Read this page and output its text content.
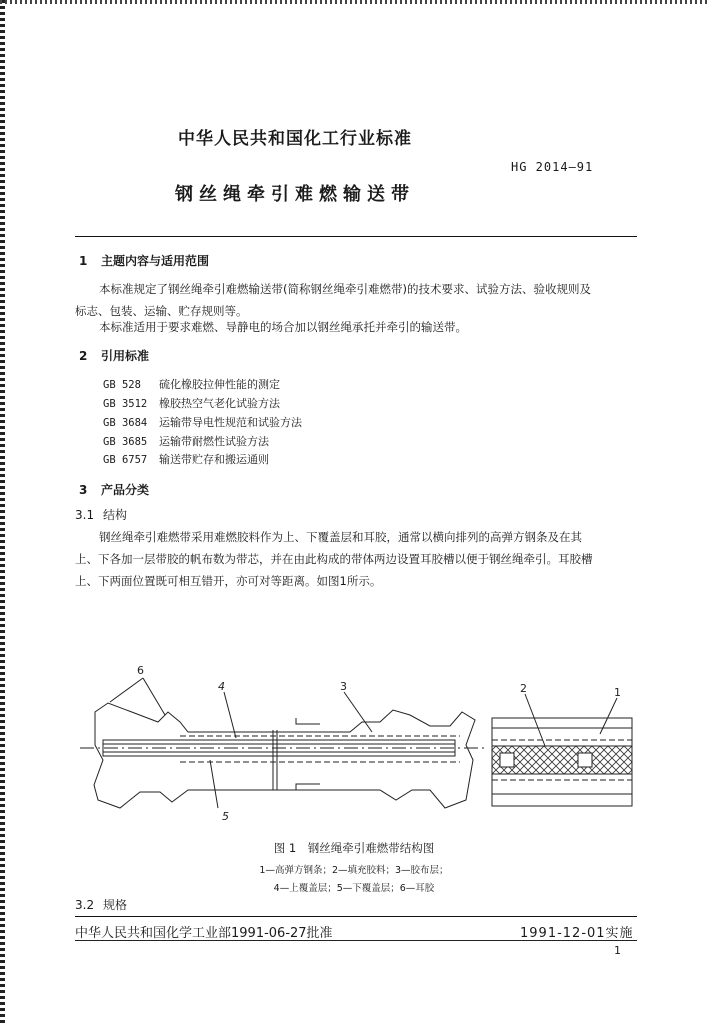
中华人民共和国化工行业标准
HG 2014—91
钢丝绳牵引难燃输送带
1 主题内容与适用范围
本标准规定了钢丝绳牵引难燃输送带(简称钢丝绳牵引难燃带)的技术要求、试验方法、验收规则及
标志、包装、运输、贮存规则等。
本标准适用于要求难燃、导静电的场合加以钢丝绳承托并牵引的输送带。
2 引用标准
GB 528 硫化橡胶拉伸性能的测定
GB 3512 橡胶热空气老化试验方法
GB 3684 运输带导电性规范和试验方法
GB 3685 运输带耐燃性试验方法
GB 6757 输送带贮存和搬运通则
3 产品分类
3.1 结构
钢丝绳牵引难燃带采用难燃胶料作为上、下覆盖层和耳胶，通常以横向排列的高弹方钢条及在其
上、下各加一层带胶的帆布数为带芯，并在由此构成的带体两边设置耳胶槽以便于钢丝绳牵引。耳胶槽
上、下两面位置既可相互错开，亦可对等距离。如图1所示。
6
4	3
5
2	1
图 1　钢丝绳牵引难燃带结构图
1—高弹方钢条；2—填充胶料；3—胶布层；
4—上覆盖层；5—下覆盖层；6—耳胶
3.2 规格
中华人民共和国化学工业部1991-06-27批准	1991-12-01实施
1
